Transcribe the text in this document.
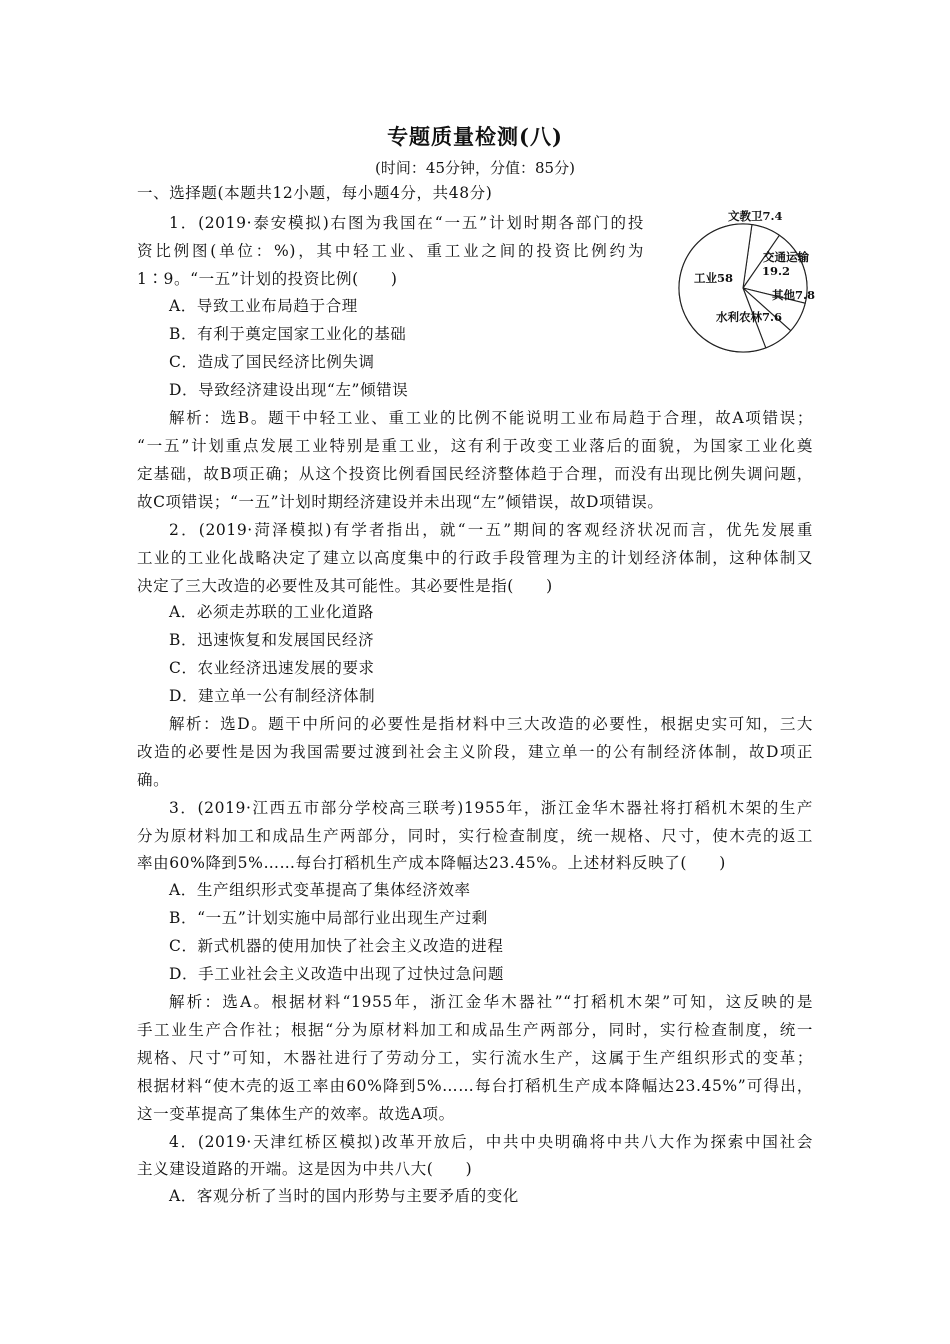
专题质量检测(八)
(时间：45分钟，分值：85分)
一、选择题(本题共12小题，每小题4分，共48分)
1．(2019·泰安模拟)右图为我国在“一五”计划时期各部门的投
资比例图(单位：%)，其中轻工业、重工业之间的投资比例约为
1∶9。“一五”计划的投资比例(　　)
A．导致工业布局趋于合理
B．有利于奠定国家工业化的基础
C．造成了国民经济比例失调
D．导致经济建设出现“左”倾错误
解析：选B。题干中轻工业、重工业的比例不能说明工业布局趋于合理，故A项错误；
“一五”计划重点发展工业特别是重工业，这有利于改变工业落后的面貌，为国家工业化奠
定基础，故B项正确；从这个投资比例看国民经济整体趋于合理，而没有出现比例失调问题，
故C项错误；“一五”计划时期经济建设并未出现“左”倾错误，故D项错误。
文教卫7.4
交通运输
19.2
其他7.8
水利农林7.6
工业58
2．(2019·菏泽模拟)有学者指出，就“一五”期间的客观经济状况而言，优先发展重
工业的工业化战略决定了建立以高度集中的行政手段管理为主的计划经济体制，这种体制又
决定了三大改造的必要性及其可能性。其必要性是指(　　)
A．必须走苏联的工业化道路
B．迅速恢复和发展国民经济
C．农业经济迅速发展的要求
D．建立单一公有制经济体制
解析：选D。题干中所问的必要性是指材料中三大改造的必要性，根据史实可知，三大
改造的必要性是因为我国需要过渡到社会主义阶段，建立单一的公有制经济体制，故D项正
确。
3．(2019·江西五市部分学校高三联考)1955年，浙江金华木器社将打稻机木架的生产
分为原材料加工和成品生产两部分，同时，实行检查制度，统一规格、尺寸，使木壳的返工
率由60%降到5%……每台打稻机生产成本降幅达23.45%。上述材料反映了(　　)
A．生产组织形式变革提高了集体经济效率
B．“一五”计划实施中局部行业出现生产过剩
C．新式机器的使用加快了社会主义改造的进程
D．手工业社会主义改造中出现了过快过急问题
解析：选A。根据材料“1955年，浙江金华木器社”“打稻机木架”可知，这反映的是
手工业生产合作社；根据“分为原材料加工和成品生产两部分，同时，实行检查制度，统一
规格、尺寸”可知，木器社进行了劳动分工，实行流水生产，这属于生产组织形式的变革；
根据材料“使木壳的返工率由60%降到5%……每台打稻机生产成本降幅达23.45%”可得出，
这一变革提高了集体生产的效率。故选A项。
4．(2019·天津红桥区模拟)改革开放后，中共中央明确将中共八大作为探索中国社会
主义建设道路的开端。这是因为中共八大(　　)
A．客观分析了当时的国内形势与主要矛盾的变化
